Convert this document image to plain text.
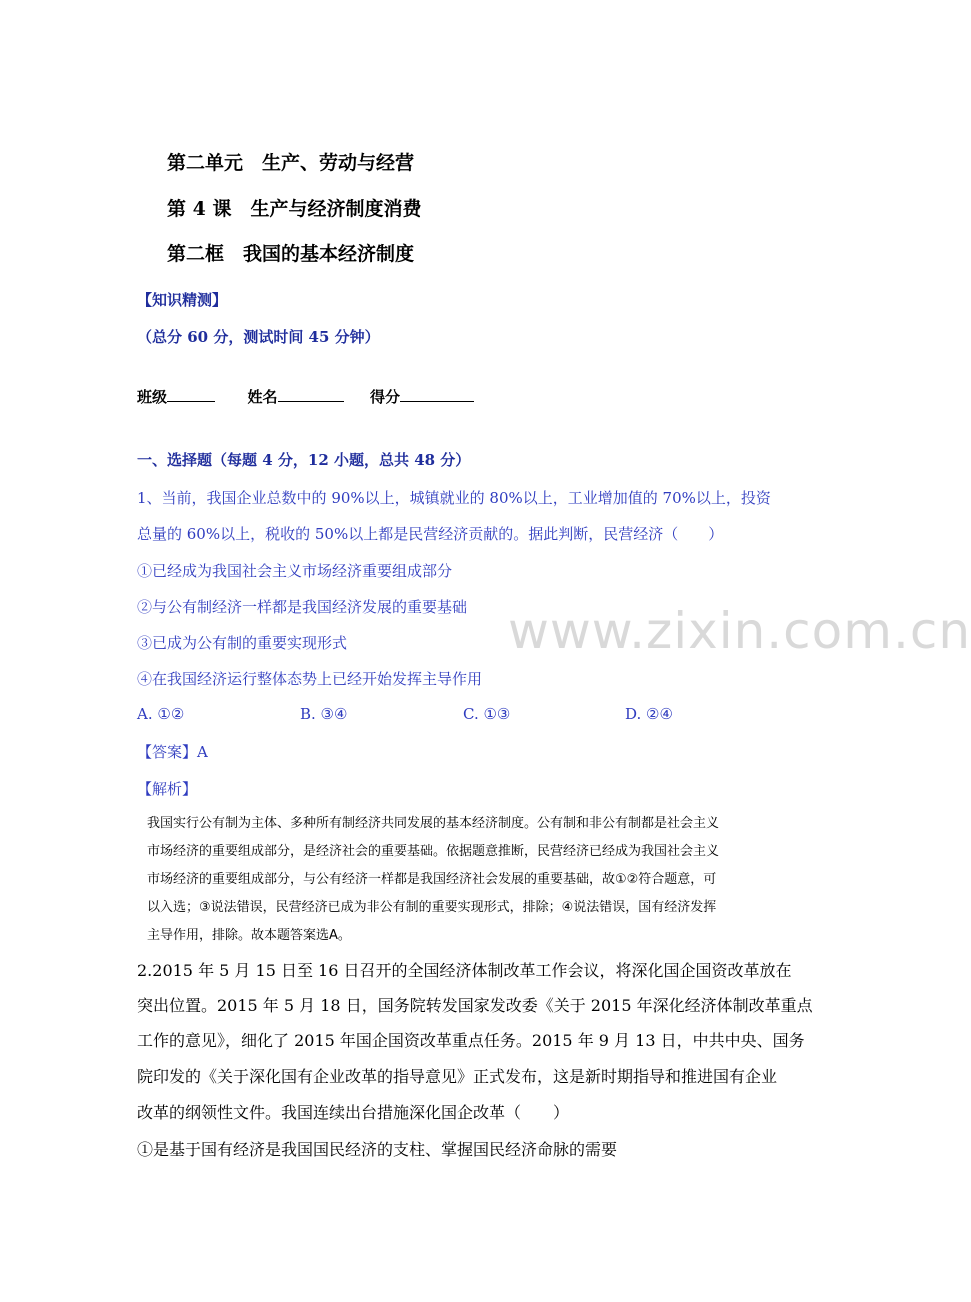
第二单元　生产、劳动与经营
第 4 课　生产与经济制度消费
第二框　我国的基本经济制度
【知识精测】
（总分 60 分，测试时间 45 分钟）
班级	姓名	得分
一、选择题（每题 4 分，12 小题，总共 48 分）
1、当前，我国企业总数中的 90%以上，城镇就业的 80%以上，工业增加值的 70%以上，投资
总量的 60%以上，税收的 50%以上都是民营经济贡献的。据此判断，民营经济（　　）
①已经成为我国社会主义市场经济重要组成部分
②与公有制经济一样都是我国经济发展的重要基础
③已成为公有制的重要实现形式
④在我国经济运行整体态势上已经开始发挥主导作用
A. ①②	B. ③④	C. ①③	D. ②④
【答案】A
【解析】
我国实行公有制为主体、多种所有制经济共同发展的基本经济制度。公有制和非公有制都是社会主义
市场经济的重要组成部分，是经济社会的重要基础。依据题意推断，民营经济已经成为我国社会主义
市场经济的重要组成部分，与公有经济一样都是我国经济社会发展的重要基础，故①②符合题意，可
以入选；③说法错误，民营经济已成为非公有制的重要实现形式，排除；④说法错误，国有经济发挥
主导作用，排除。故本题答案选A。
2.2015 年 5 月 15 日至 16 日召开的全国经济体制改革工作会议，将深化国企国资改革放在
突出位置。2015 年 5 月 18 日，国务院转发国家发改委《关于 2015 年深化经济体制改革重点
工作的意见》，细化了 2015 年国企国资改革重点任务。2015 年 9 月 13 日，中共中央、国务
院印发的《关于深化国有企业改革的指导意见》正式发布，这是新时期指导和推进国有企业
改革的纲领性文件。我国连续出台措施深化国企改革（　　）
①是基于国有经济是我国国民经济的支柱、掌握国民经济命脉的需要
www.zixin.com.cn
